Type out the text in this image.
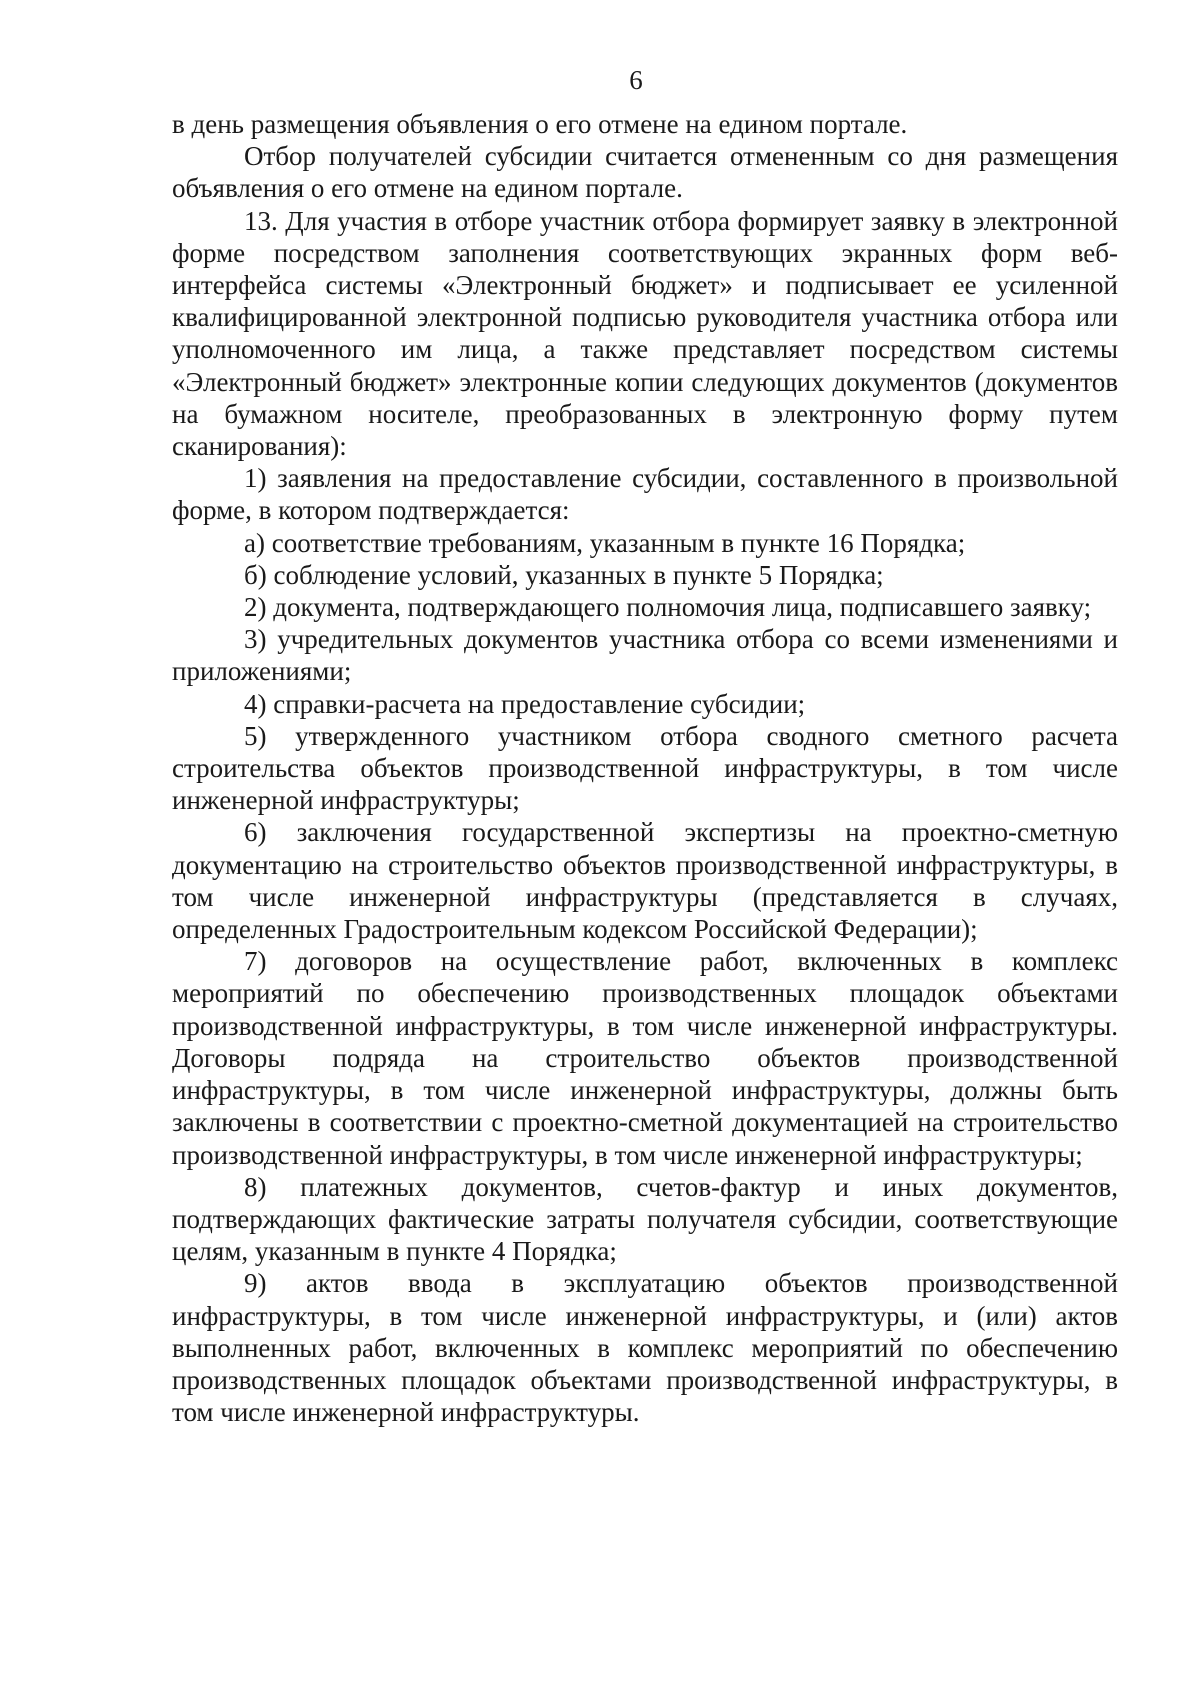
6

в день размещения объявления о его отмене на едином портале.

Отбор получателей субсидии считается отмененным со дня размещения объявления о его отмене на едином портале.

13. Для участия в отборе участник отбора формирует заявку в электронной форме посредством заполнения соответствующих экранных форм веб-интерфейса системы «Электронный бюджет» и подписывает ее усиленной квалифицированной электронной подписью руководителя участника отбора или уполномоченного им лица, а также представляет посредством системы «Электронный бюджет» электронные копии следующих документов (документов на бумажном носителе, преобразованных в электронную форму путем сканирования):

1) заявления на предоставление субсидии, составленного в произвольной форме, в котором подтверждается:

а) соответствие требованиям, указанным в пункте 16 Порядка;

б) соблюдение условий, указанных в пункте 5 Порядка;

2) документа, подтверждающего полномочия лица, подписавшего заявку;

3) учредительных документов участника отбора со всеми изменениями и приложениями;

4) справки-расчета на предоставление субсидии;

5) утвержденного участником отбора сводного сметного расчета строительства объектов производственной инфраструктуры, в том числе инженерной инфраструктуры;

6) заключения государственной экспертизы на проектно-сметную документацию на строительство объектов производственной инфраструктуры, в том числе инженерной инфраструктуры (представляется в случаях, определенных Градостроительным кодексом Российской Федерации);

7) договоров на осуществление работ, включенных в комплекс мероприятий по обеспечению производственных площадок объектами производственной инфраструктуры, в том числе инженерной инфраструктуры. Договоры подряда на строительство объектов производственной инфраструктуры, в том числе инженерной инфраструктуры, должны быть заключены в соответствии с проектно-сметной документацией на строительство производственной инфраструктуры, в том числе инженерной инфраструктуры;

8) платежных документов, счетов-фактур и иных документов, подтверждающих фактические затраты получателя субсидии, соответствующие целям, указанным в пункте 4 Порядка;

9) актов ввода в эксплуатацию объектов производственной инфраструктуры, в том числе инженерной инфраструктуры, и (или) актов выполненных работ, включенных в комплекс мероприятий по обеспечению производственных площадок объектами производственной инфраструктуры, в том числе инженерной инфраструктуры.
